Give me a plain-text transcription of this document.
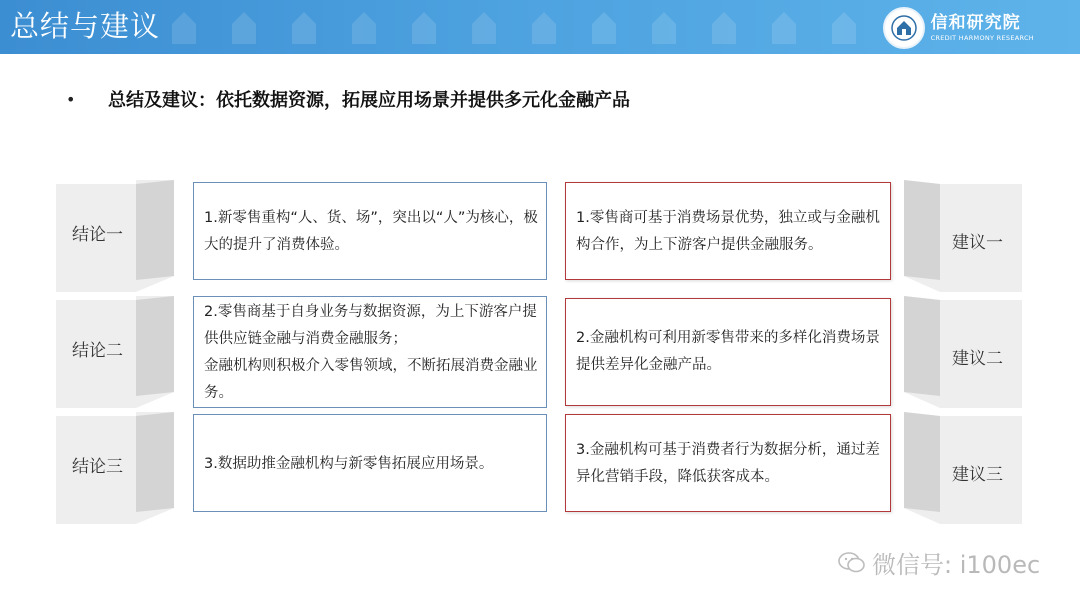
总结与建议	信和研究院
CREDIT HARMONY RESEARCH
• 总结及建议：依托数据资源，拓展应用场景并提供多元化金融产品
结论一
结论二
结论三
建议一
建议二
建议三
1.新零售重构“人、货、场”，突出以“人”为核心，极大的提升了消费体验。
2.零售商基于自身业务与数据资源，为上下游客户提供供应链金融与消费金融服务；
金融机构则积极介入零售领域，不断拓展消费金融业务。
3.数据助推金融机构与新零售拓展应用场景。
1.零售商可基于消费场景优势，独立或与金融机构合作，为上下游客户提供金融服务。
2.金融机构可利用新零售带来的多样化消费场景提供差异化金融产品。
3.金融机构可基于消费者行为数据分析，通过差异化营销手段，降低获客成本。
微信号: i100ec
